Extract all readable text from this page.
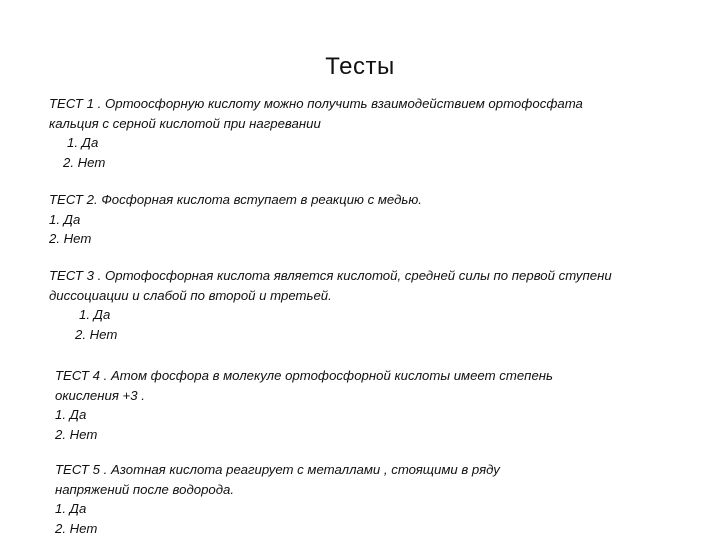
Тесты
ТЕСТ 1 . Ортоосфорную кислоту можно получить взаимодействием ортофосфата
кальция с серной кислотой при нагревании
1. Да
2. Нет
ТЕСТ 2. Фосфорная кислота вступает в реакцию с медью.
1. Да
2. Нет
ТЕСТ 3 . Ортофосфорная кислота является кислотой, средней силы по первой ступени
диссоциации и слабой по второй и третьей.
1. Да
2. Нет
ТЕСТ 4 . Атом фосфора в молекуле ортофосфорной кислоты имеет степень
окисления +3 .
1. Да
2. Нет
ТЕСТ 5 . Азотная кислота реагирует с металлами , стоящими в ряду
напряжений после водорода.
1. Да
2. Нет
